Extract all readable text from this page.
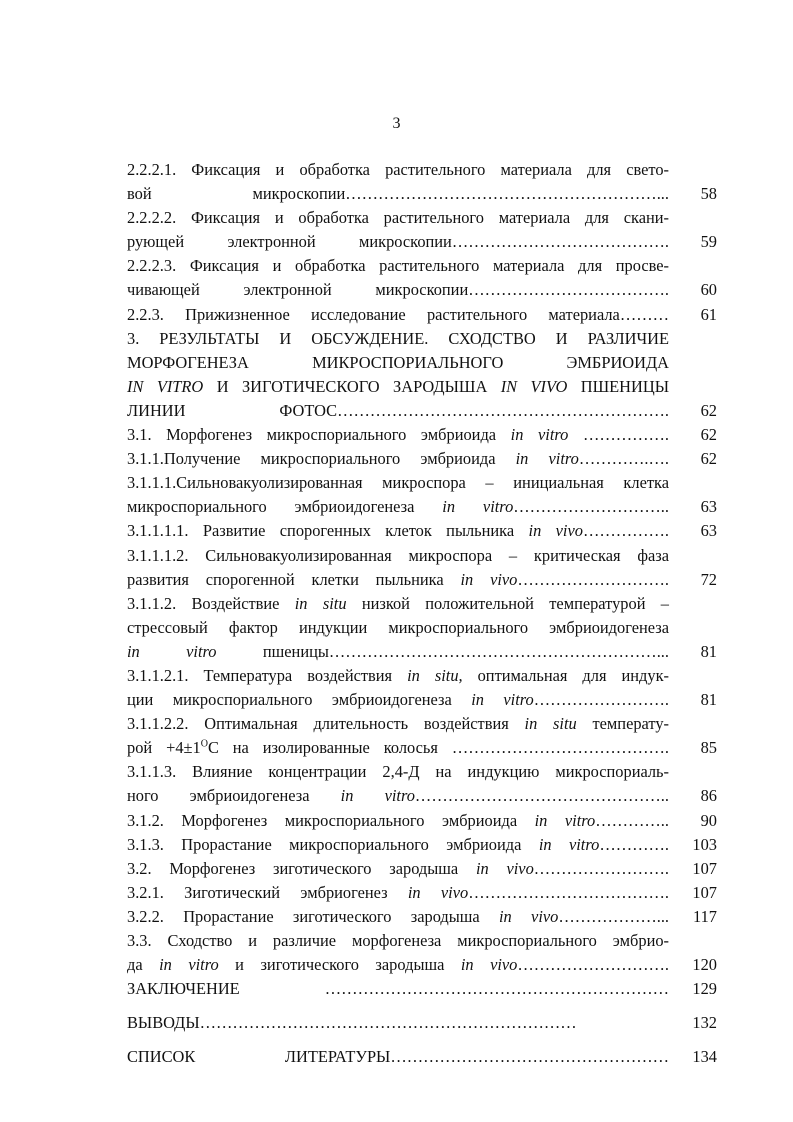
3
2.2.2.1. Фиксация и обработка растительного материала для свето-
вой микроскопии…………………………………………………...	58
2.2.2.2. Фиксация и обработка растительного материала для скани-
рующей электронной микроскопии………………………………….	59
2.2.2.3. Фиксация и обработка растительного материала для просве-
чивающей электронной микроскопии……………………………….	60
2.2.3. Прижизненное исследование растительного материала………	61
3. РЕЗУЛЬТАТЫ И ОБСУЖДЕНИЕ. СХОДСТВО И РАЗЛИЧИЕ
МОРФОГЕНЕЗА МИКРОСПОРИАЛЬНОГО ЭМБРИОИДА
IN VITRO И ЗИГОТИЧЕСКОГО ЗАРОДЫША IN VIVO ПШЕНИЦЫ
ЛИНИИ ФОТОС…………………………………………………….	62
3.1. Морфогенез микроспориального эмбриоида in vitro …………….	62
3.1.1.Получение микроспориального эмбриоида in vitro………….….	62
3.1.1.1.Сильновакуолизированная микроспора – инициальная клетка
микроспориального эмбриоидогенеза in vitro………………………..	63
3.1.1.1.1. Развитие спорогенных клеток пыльника in vivo…………….	63
3.1.1.1.2. Сильновакуолизированная микроспора – критическая фаза
развития спорогенной клетки пыльника in vivo……………………….	72
3.1.1.2. Воздействие in situ низкой положительной температурой –
стрессовый фактор индукции микроспориального эмбриоидогенеза
in vitro пшеницы……………………………………………………...	81
3.1.1.2.1. Температура воздействия in situ, оптимальная для индук-
ции микроспориального эмбриоидогенеза in vitro…………………….	81
3.1.1.2.2. Оптимальная длительность воздействия in situ температу-
рой $+4\pm 1^OС$ на изолированные колосья ………………………………….	85
3.1.1.3. Влияние концентрации 2,4-Д на индукцию микроспориаль-
ного эмбриоидогенеза in vitro………………………………………..	86
3.1.2. Морфогенез микроспориального эмбриоида in vitro…………..	90
3.1.3. Прорастание микроспориального эмбриоида in vitro………….	103
3.2. Морфогенез зиготического зародыша in vivo…………………….	107
3.2.1. Зиготический эмбриогенез in vivo……………………………….	107
3.2.2. Прорастание зиготического зародыша in vivo………………...	117
3.3. Сходство и различие морфогенеза микроспориального эмбрио-
да in vitro и зиготического зародыша in vivo……………………….	120
ЗАКЛЮЧЕНИЕ ………………………………………………………	129
ВЫВОДЫ……………………………………………………………	132
СПИСОК ЛИТЕРАТУРЫ……………………………………………	134
